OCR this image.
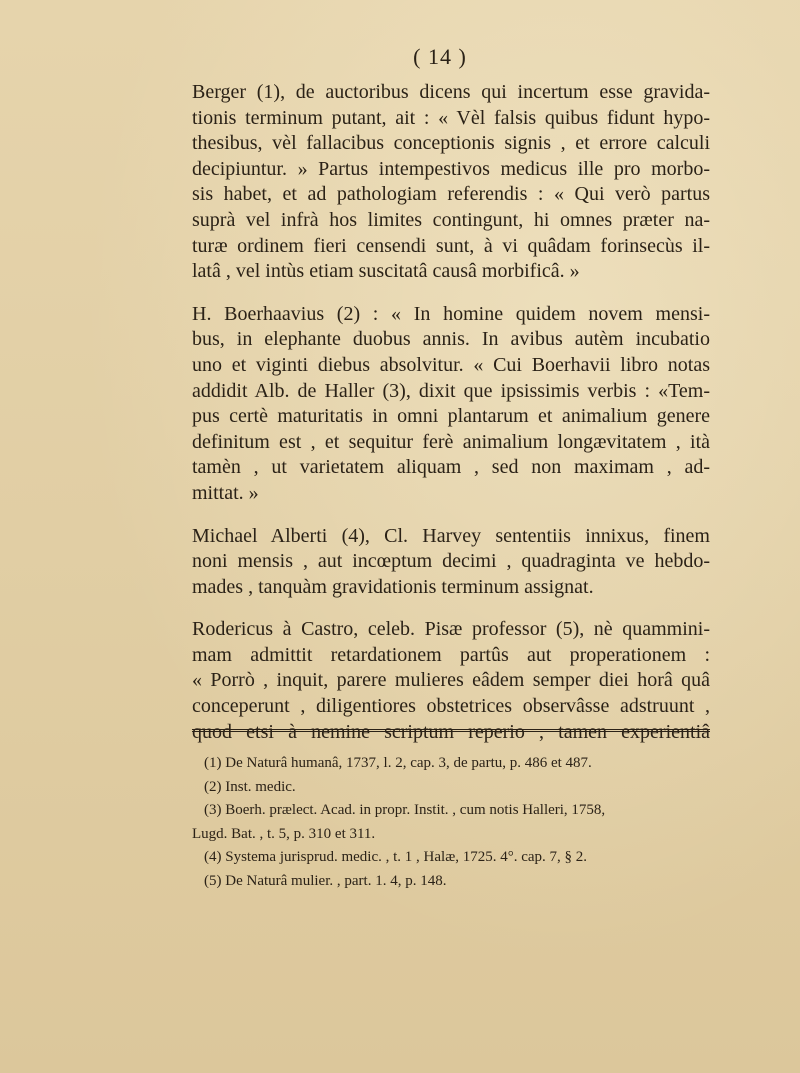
( 14 )

Berger (1), de auctoribus dicens qui incertum esse gravida-
tionis terminum putant, ait : « Vèl falsis quibus fidunt hypo-
thesibus, vèl fallacibus conceptionis signis , et errore calculi
decipiuntur. » Partus intempestivos medicus ille pro morbo-
sis habet, et ad pathologiam referendis : « Qui verò partus
suprà vel infrà hos limites contingunt, hi omnes præter na-
turæ ordinem fieri censendi sunt, à vi quâdam forinsecùs il-
latâ , vel intùs etiam suscitatâ causâ morbificâ. »

H. Boerhaavius (2) : « In homine quidem novem mensi-
bus, in elephante duobus annis. In avibus autèm incubatio
uno et viginti diebus absolvitur. « Cui Boerhavii libro notas
addidit Alb. de Haller (3), dixit que ipsissimis verbis : «Tem-
pus certè maturitatis in omni plantarum et animalium genere
definitum est , et sequitur ferè animalium longævitatem , ità
tamèn , ut varietatem aliquam , sed non maximam , ad-
mittat. »

Michael Alberti (4), Cl. Harvey sententiis innixus, finem
noni mensis , aut incœptum decimi , quadraginta ve hebdo-
mades , tanquàm gravidationis terminum assignat.

Rodericus à Castro, celeb. Pisæ professor (5), nè quammini-
mam admittit retardationem partûs aut properationem :
« Porrò , inquit, parere mulieres eâdem semper diei horâ quâ
conceperunt , diligentiores obstetrices observâsse adstruunt ,
quod etsi à nemine scriptum reperio , tamen experientiâ

(1) De Naturâ humanâ, 1737, l. 2, cap. 3, de partu, p. 486 et 487.
(2) Inst. medic.
(3) Boerh. prælect. Acad. in propr. Instit. , cum notis Halleri, 1758,
Lugd. Bat. , t. 5, p. 310 et 311.
(4) Systema jurisprud. medic. , t. 1 , Halæ, 1725. 4°. cap. 7, § 2.
(5) De Naturâ mulier. , part. 1. 4, p. 148.
